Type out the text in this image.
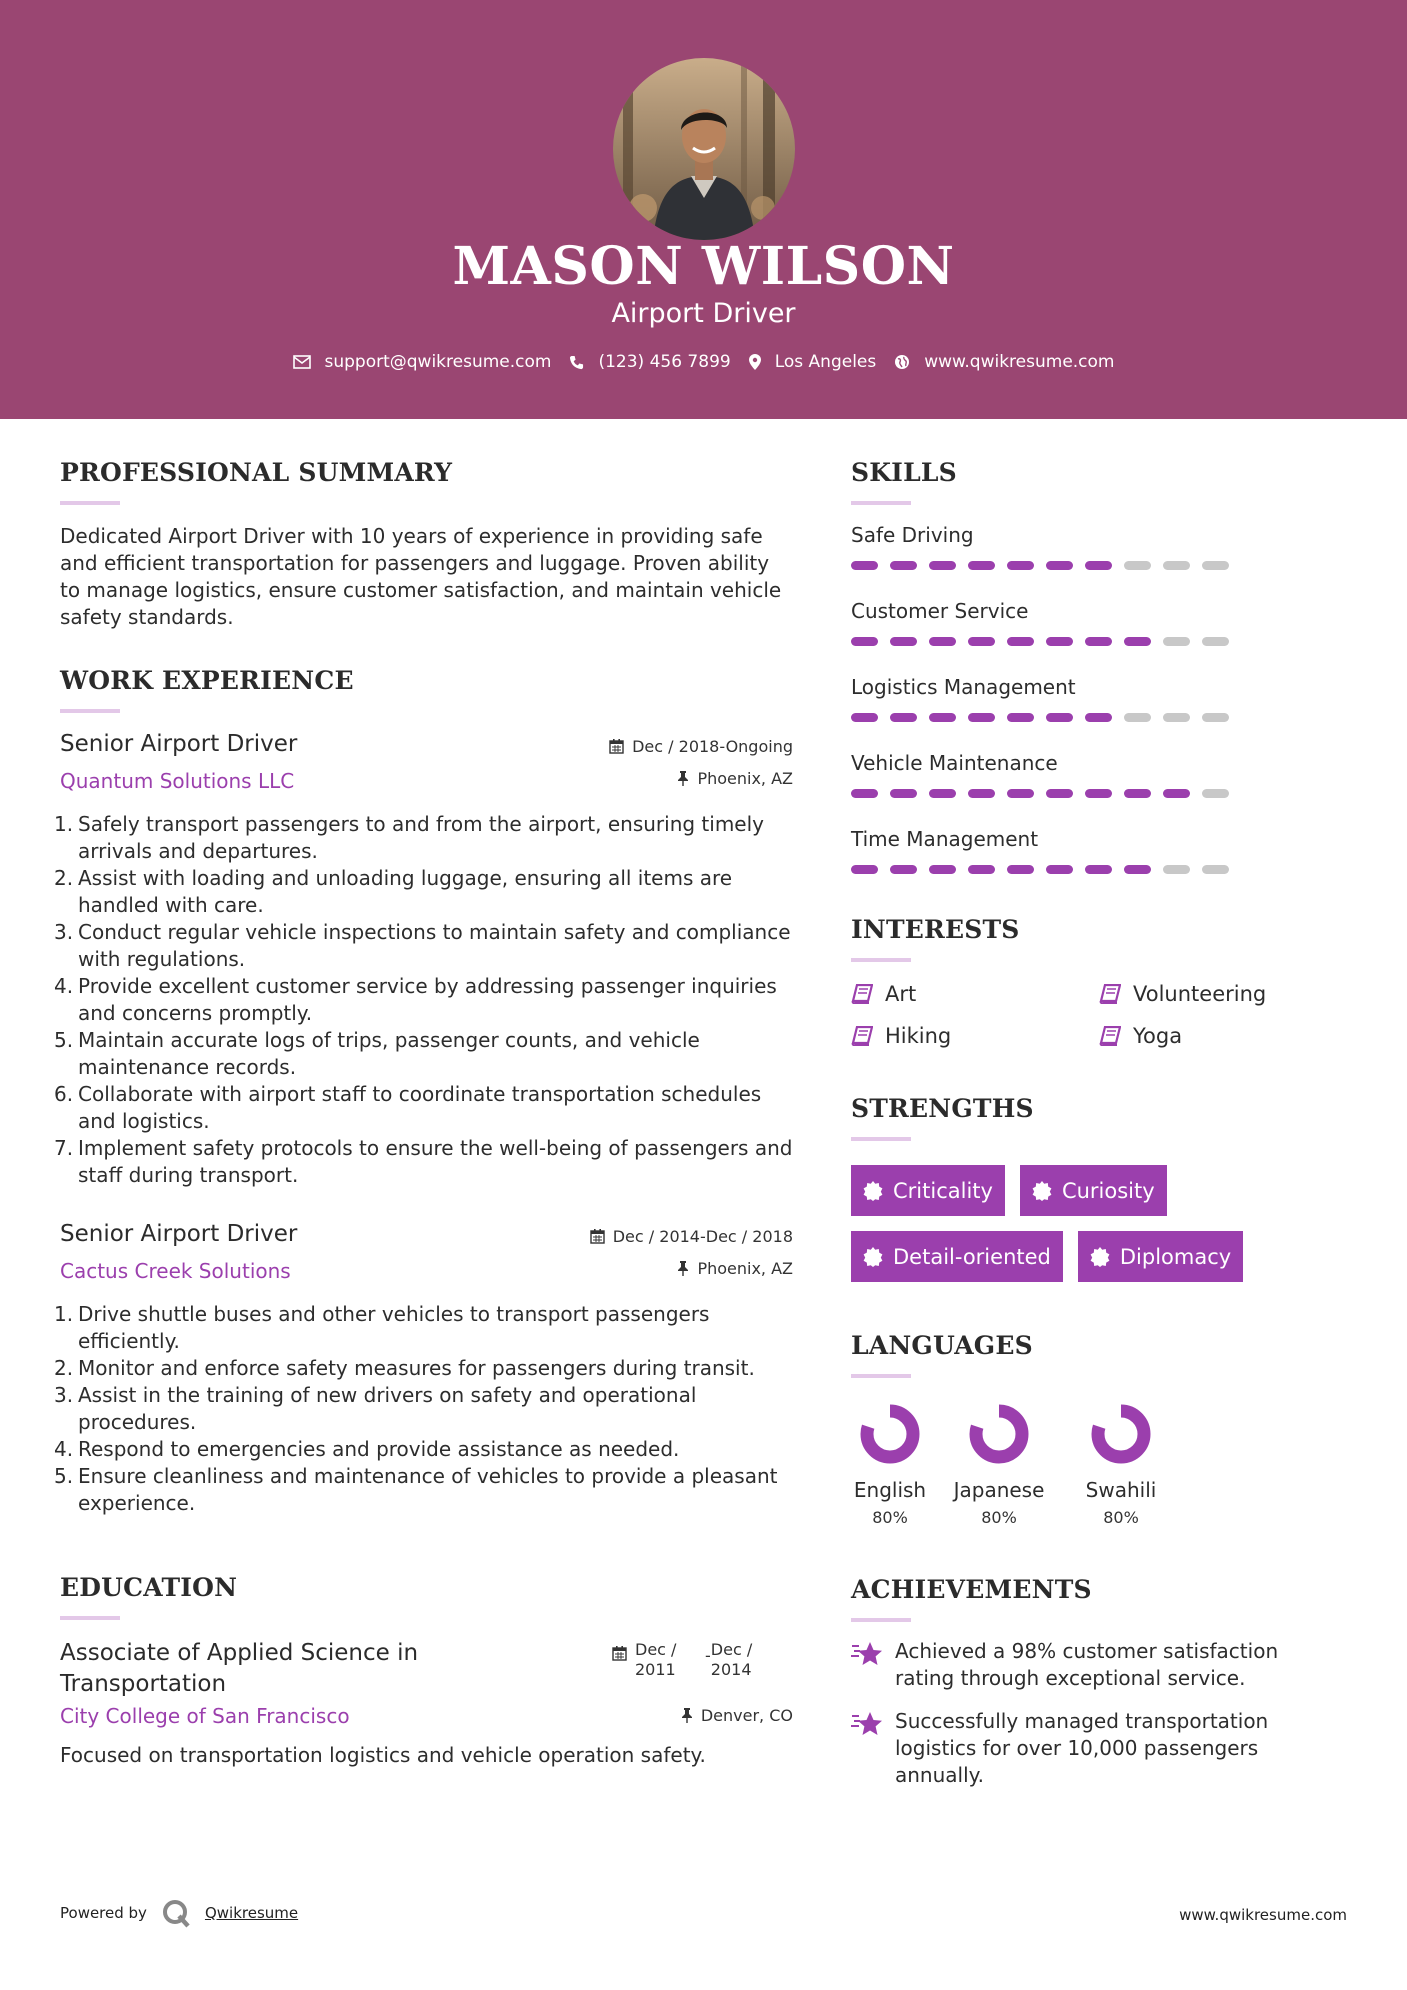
MASON WILSON
Airport Driver
support@qwikresume.com	(123) 456 7899	Los Angeles	www.qwikresume.com
PROFESSIONAL SUMMARY

Dedicated Airport Driver with 10 years of experience in providing safe and efficient transportation for passengers and luggage. Proven ability to manage logistics, ensure customer satisfaction, and maintain vehicle safety standards.

WORK EXPERIENCE
Senior Airport Driver
Quantum Solutions LLC
Dec / 2018-Ongoing
Phoenix, AZ
1. Safely transport passengers to and from the airport, ensuring timely arrivals and departures.
2. Assist with loading and unloading luggage, ensuring all items are handled with care.
3. Conduct regular vehicle inspections to maintain safety and compliance with regulations.
4. Provide excellent customer service by addressing passenger inquiries and concerns promptly.
5. Maintain accurate logs of trips, passenger counts, and vehicle maintenance records.
6. Collaborate with airport staff to coordinate transportation schedules and logistics.
7. Implement safety protocols to ensure the well-being of passengers and staff during transport.
Senior Airport Driver
Cactus Creek Solutions
Dec / 2014-Dec / 2018
Phoenix, AZ
1. Drive shuttle buses and other vehicles to transport passengers efficiently.
2. Monitor and enforce safety measures for passengers during transit.
3. Assist in the training of new drivers on safety and operational procedures.
4. Respond to emergencies and provide assistance as needed.
5. Ensure cleanliness and maintenance of vehicles to provide a pleasant experience.
EDUCATION
Associate of Applied Science in Transportation
Dec / 2011
- Dec / 2014
City College of San Francisco	Denver, CO

Focused on transportation logistics and vehicle operation safety.

SKILLS
Safe Driving
Customer Service
Logistics Management
Vehicle Maintenance
Time Management
INTERESTS
Art	Volunteering
Hiking	Yoga
STRENGTHS
Criticality	Curiosity
Detail-oriented	Diplomacy
LANGUAGES
English
80%
Japanese
80%
Swahili
80%
ACHIEVEMENTS
Achieved a 98% customer satisfaction rating through exceptional service.
Successfully managed transportation logistics for over 10,000 passengers annually.
Powered by	Qwikresume	www.qwikresume.com
